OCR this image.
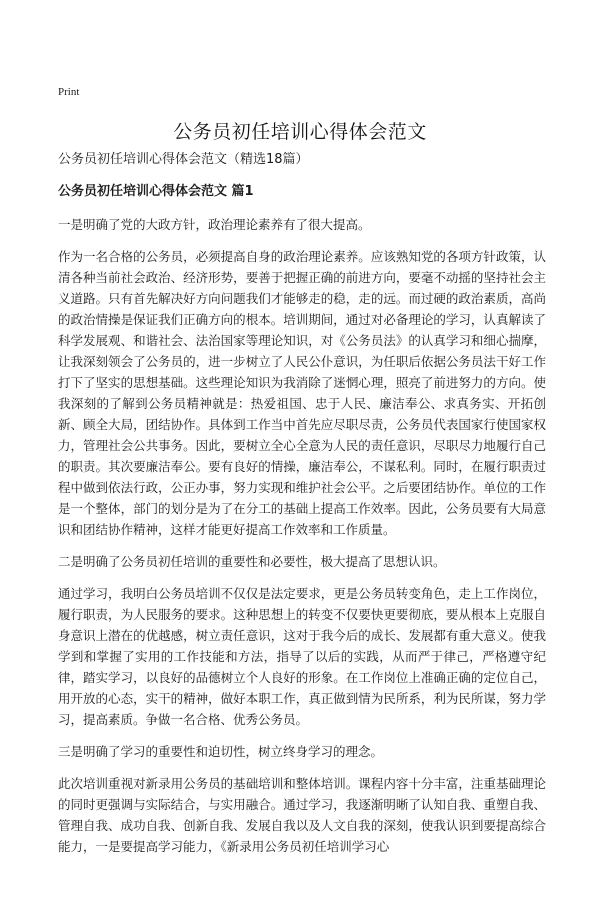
Print
公务员初任培训心得体会范文

公务员初任培训心得体会范文（精选18篇）

公务员初任培训心得体会范文 篇1

一是明确了党的大政方针，政治理论素养有了很大提高。

作为一名合格的公务员，必须提高自身的政治理论素养。应该熟知党的各项方针政策，认清各种当前社会政治、经济形势，要善于把握正确的前进方向，要毫不动摇的坚持社会主义道路。只有首先解决好方向问题我们才能够走的稳，走的远。而过硬的政治素质，高尚的政治情操是保证我们正确方向的根本。培训期间，通过对必备理论的学习，认真解读了科学发展观、和谐社会、法治国家等理论知识，对《公务员法》的认真学习和细心揣摩，让我深刻领会了公务员的，进一步树立了人民公仆意识，为任职后依据公务员法干好工作打下了坚实的思想基础。这些理论知识为我消除了迷惘心理，照亮了前进努力的方向。使我深刻的了解到公务员精神就是：热爱祖国、忠于人民、廉洁奉公、求真务实、开拓创新、顾全大局，团结协作。具体到工作当中首先应尽职尽责，公务员代表国家行使国家权力，管理社会公共事务。因此，要树立全心全意为人民的责任意识，尽职尽力地履行自己的职责。其次要廉洁奉公。要有良好的情操，廉洁奉公，不谋私利。同时，在履行职责过程中做到依法行政，公正办事，努力实现和维护社会公平。之后要团结协作。单位的工作是一个整体，部门的划分是为了在分工的基础上提高工作效率。因此，公务员要有大局意识和团结协作精神，这样才能更好提高工作效率和工作质量。

二是明确了公务员初任培训的重要性和必要性，极大提高了思想认识。

通过学习，我明白公务员培训不仅仅是法定要求，更是公务员转变角色，走上工作岗位，履行职责，为人民服务的要求。这种思想上的转变不仅要快更要彻底，要从根本上克服自身意识上潜在的优越感，树立责任意识，这对于我今后的成长、发展都有重大意义。使我学到和掌握了实用的工作技能和方法，指导了以后的实践，从而严于律己，严格遵守纪律，踏实学习，以良好的品德树立个人良好的形象。在工作岗位上准确正确的定位自己，用开放的心态，实干的精神，做好本职工作，真正做到情为民所系，利为民所谋，努力学习，提高素质。争做一名合格、优秀公务员。

三是明确了学习的重要性和迫切性，树立终身学习的理念。

此次培训重视对新录用公务员的基础培训和整体培训。课程内容十分丰富，注重基础理论的同时更强调与实际结合，与实用融合。通过学习，我逐渐明晰了认知自我、重塑自我、管理自我、成功自我、创新自我、发展自我以及人文自我的深刻，使我认识到要提高综合能力，一是要提高学习能力，《新录用公务员初任培训学习心
